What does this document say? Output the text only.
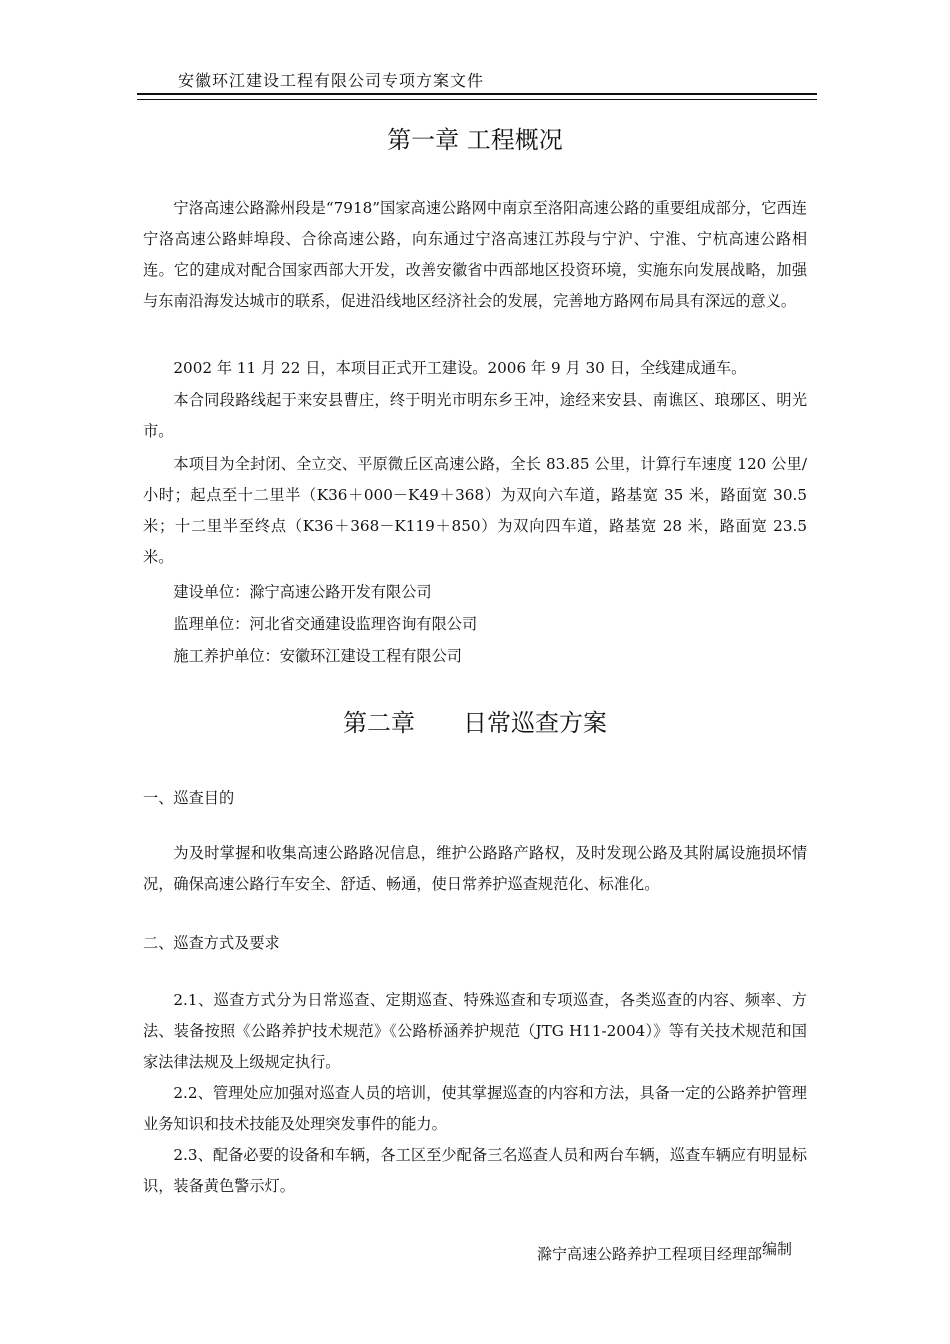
安徽环江建设工程有限公司专项方案文件
第一章 工程概况

宁洛高速公路滁州段是“7918”国家高速公路网中南京至洛阳高速公路的重要组成部分，它西连宁洛高速公路蚌埠段、合徐高速公路，向东通过宁洛高速江苏段与宁沪、宁淮、宁杭高速公路相连。它的建成对配合国家西部大开发，改善安徽省中西部地区投资环境，实施东向发展战略，加强与东南沿海发达城市的联系，促进沿线地区经济社会的发展，完善地方路网布局具有深远的意义。

2002 年 11 月 22 日，本项目正式开工建设。2006 年 9 月 30 日，全线建成通车。

本合同段路线起于来安县曹庄，终于明光市明东乡王冲，途经来安县、南谯区、琅琊区、明光市。

本项目为全封闭、全立交、平原微丘区高速公路，全长 83.85 公里，计算行车速度 120 公里/小时；起点至十二里半（K36＋000－K49＋368）为双向六车道，路基宽 35 米，路面宽 30.5 米；十二里半至终点（K36＋368－K119＋850）为双向四车道，路基宽 28 米，路面宽 23.5 米。

建设单位：滁宁高速公路开发有限公司

监理单位：河北省交通建设监理咨询有限公司

施工养护单位：安徽环江建设工程有限公司

第二章 日常巡查方案

一、巡查目的

为及时掌握和收集高速公路路况信息，维护公路路产路权，及时发现公路及其附属设施损坏情况，确保高速公路行车安全、舒适、畅通，使日常养护巡查规范化、标准化。

二、巡查方式及要求

2.1、巡查方式分为日常巡查、定期巡查、特殊巡查和专项巡查，各类巡查的内容、频率、方法、装备按照《公路养护技术规范》《公路桥涵养护规范（JTG H11-2004）》等有关技术规范和国家法律法规及上级规定执行。

2.2、管理处应加强对巡查人员的培训，使其掌握巡查的内容和方法，具备一定的公路养护管理业务知识和技术技能及处理突发事件的能力。

2.3、配备必要的设备和车辆，各工区至少配备三名巡查人员和两台车辆，巡查车辆应有明显标识，装备黄色警示灯。

滁宁高速公路养护工程项目经理部编制
